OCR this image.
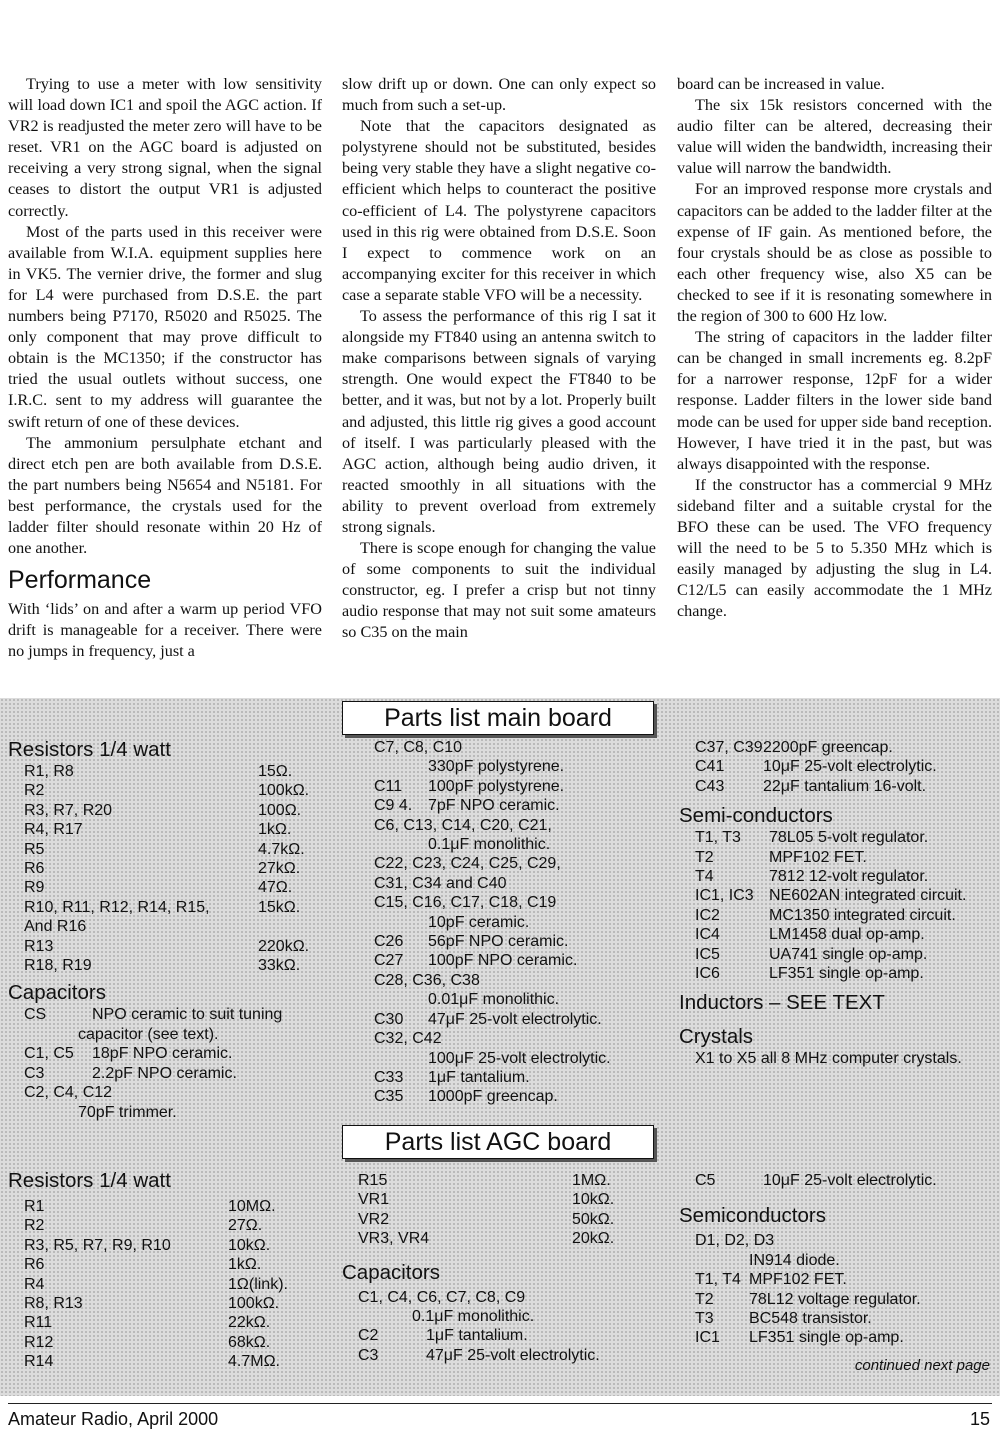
Trying to use a meter with low sensitivity will load down IC1 and spoil the AGC action. If VR2 is readjusted the meter zero will have to be reset. VR1 on the AGC board is adjusted on receiving a very strong signal, when the signal ceases to distort the output VR1 is adjusted correctly.

Most of the parts used in this receiver were available from W.I.A. equipment supplies here in VK5. The vernier drive, the former and slug for L4 were purchased from D.S.E. the part numbers being P7170, R5020 and R5025. The only component that may prove difficult to obtain is the MC1350; if the constructor has tried the usual outlets without success, one I.R.C. sent to my address will guarantee the swift return of one of these devices.

The ammonium persulphate etchant and direct etch pen are both available from D.S.E. the part numbers being N5654 and N5181. For best performance, the crystals used for the ladder filter should resonate within 20 Hz of one another.

Performance

With ‘lids’ on and after a warm up period VFO drift is manageable for a receiver. There were no jumps in frequency, just a

slow drift up or down. One can only expect so much from such a set-up.

Note that the capacitors designated as polystyrene should not be substituted, besides being very stable they have a slight negative co-efficient which helps to counteract the positive co-efficient of L4. The polystyrene capacitors used in this rig were obtained from D.S.E. Soon I expect to commence work on an accompanying exciter for this receiver in which case a separate stable VFO will be a necessity.

To assess the performance of this rig I sat it alongside my FT840 using an antenna switch to make comparisons between signals of varying strength. One would expect the FT840 to be better, and it was, but not by a lot. Properly built and adjusted, this little rig gives a good account of itself. I was particularly pleased with the AGC action, although being audio driven, it reacted smoothly in all situations with the ability to prevent overload from extremely strong signals.

There is scope enough for changing the value of some components to suit the individual constructor, eg. I prefer a crisp but not tinny audio response that may not suit some amateurs so C35 on the main

board can be increased in value.

The six 15k resistors concerned with the audio filter can be altered, decreasing their value will widen the bandwidth, increasing their value will narrow the bandwidth.

For an improved response more crystals and capacitors can be added to the ladder filter at the expense of IF gain. As mentioned before, the four crystals should be as close as possible to each other frequency wise, also X5 can be checked to see if it is resonating somewhere in the region of 300 to 600 Hz low.

The string of capacitors in the ladder filter can be changed in small increments eg. 8.2pF for a narrower response, 12pF for a wider response. Ladder filters in the lower side band mode can be used for upper side band reception. However, I have tried it in the past, but was always disappointed with the response.

If the constructor has a commercial 9 MHz sideband filter and a suitable crystal for the BFO these can be used. The VFO frequency will the need to be 5 to 5.350 MHz which is easily managed by adjusting the slug in L4. C12/L5 can easily accommodate the 1 MHz change.

Parts list main board
Resistors 1/4 watt
R1, R8	15Ω.
R2	100kΩ.
R3, R7, R20	100Ω.
R4, R17	1kΩ.
R5	4.7kΩ.
R6	27kΩ.
R9	47Ω.
R10, R11, R12, R14, R15,	15kΩ.
And R16
R13	220kΩ.
R18, R19	33kΩ.
Capacitors
CS	NPO ceramic to suit tuning
capacitor (see text).
C1, C5	18pF NPO ceramic.
C3	2.2pF NPO ceramic.
C2, C4, C12
70pF trimmer.
C7, C8, C10
330pF polystyrene.
C11	100pF polystyrene.
C9 4. 7pF NPO ceramic.
C6, C13, C14, C20, C21,
0.1μF monolithic.
C22, C23, C24, C25, C29,
C31, C34 and C40
C15, C16, C17, C18, C19
10pF ceramic.
C26	56pF NPO ceramic.
C27	100pF NPO ceramic.
C28, C36, C38
0.01μF monolithic.
C30	47μF 25-volt electrolytic.
C32, C42
100μF 25-volt electrolytic.
C33	1μF tantalium.
C35	1000pF greencap.
C37, C39 2200pF greencap.
C41	10μF 25-volt electrolytic.
C43	22μF tantalium 16-volt.
Semi-conductors
T1, T3	78L05 5-volt regulator.
T2	MPF102 FET.
T4	7812 12-volt regulator.
IC1, IC3 NE602AN integrated circuit.
IC2	MC1350 integrated circuit.
IC4	LM1458 dual op-amp.
IC5	UA741 single op-amp.
IC6	LF351 single op-amp.
Inductors – SEE TEXT
Crystals
X1 to X5 all 8 MHz computer crystals.
Parts list AGC board
Resistors 1/4 watt
R1	10MΩ.
R2	27Ω.
R3, R5, R7, R9, R10	10kΩ.
R6	1kΩ.
R4	1Ω(link).
R8, R13	100kΩ.
R11	22kΩ.
R12	68kΩ.
R14	4.7MΩ.
R15	1MΩ.
VR1	10kΩ.
VR2	50kΩ.
VR3, VR4	20kΩ.
Capacitors
C1, C4, C6, C7, C8, C9
0.1μF monolithic.
C2	1μF tantalium.
C3	47μF 25-volt electrolytic.
C5	10μF 25-volt electrolytic.
Semiconductors
D1, D2, D3
IN914 diode.
T1, T4 MPF102 FET.
T2	78L12 voltage regulator.
T3	BC548 transistor.
IC1	LF351 single op-amp.
continued next page
Amateur Radio, April 2000	15
